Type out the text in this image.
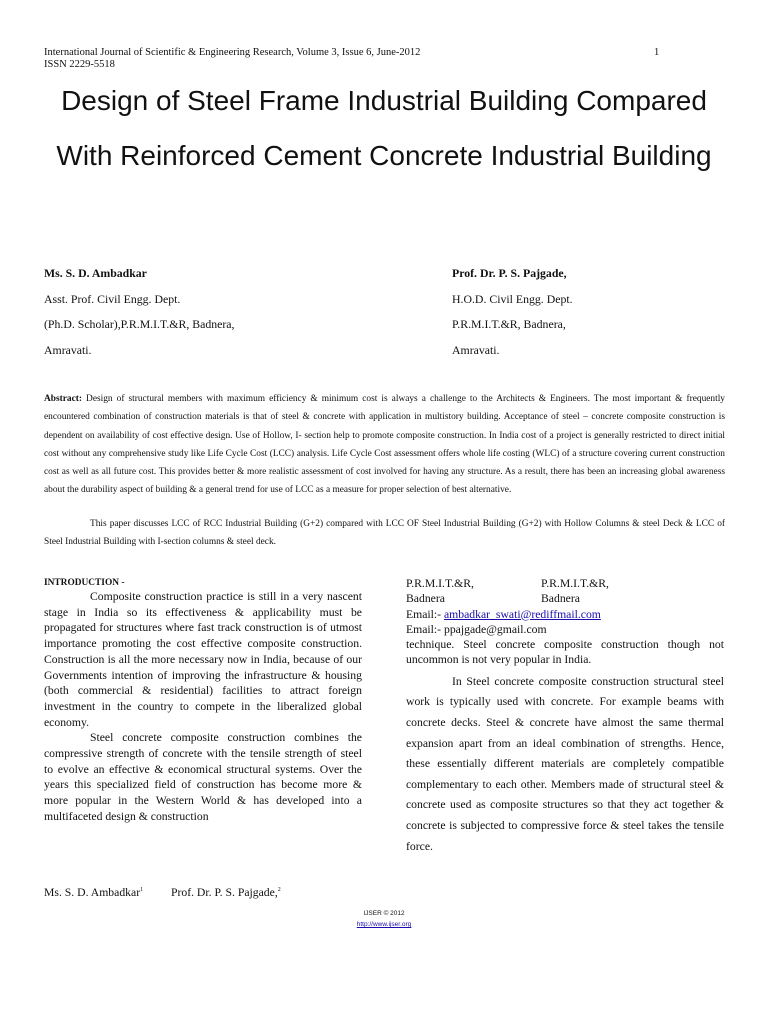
International Journal of Scientific & Engineering Research, Volume 3, Issue 6, June-2012
ISSN 2229-5518
1
Design of Steel Frame Industrial Building Compared With Reinforced Cement Concrete Industrial Building
Ms. S. D. Ambadkar
Asst. Prof. Civil Engg. Dept.
(Ph.D. Scholar),P.R.M.I.T.&R, Badnera,
Amravati.
Prof. Dr. P. S. Pajgade,
H.O.D. Civil Engg. Dept.
P.R.M.I.T.&R, Badnera,
Amravati.

Abstract: Design of structural members with maximum efficiency & minimum cost is always a challenge to the Architects & Engineers. The most important & frequently encountered combination of construction materials is that of steel & concrete with application in multistory building. Acceptance of steel – concrete composite construction is dependent on availability of cost effective design. Use of Hollow, I- section help to promote composite construction. In India cost of a project is generally restricted to direct initial cost without any comprehensive study like Life Cycle Cost (LCC) analysis. Life Cycle Cost assessment offers whole life costing (WLC) of a structure covering current construction cost as well as all future cost. This provides better & more realistic assessment of cost involved for having any structure. As a result, there has been an increasing global awareness about the durability aspect of building & a general trend for use of LCC as a measure for proper selection of best alternative.

This paper discusses LCC of RCC Industrial Building (G+2) compared with LCC OF Steel Industrial Building (G+2) with Hollow Columns & steel Deck & LCC of Steel Industrial Building with I-section columns & steel deck.

INTRODUCTION -

Composite construction practice is still in a very nascent stage in India so its effectiveness & applicability must be propagated for structures where fast track construction is of utmost importance promoting the cost effective composite construction. Construction is all the more necessary now in India, because of our Governments intention of improving the infrastructure & housing (both commercial & residential) facilities to attract foreign investment in the country to compete in the liberalized global economy.

Steel concrete composite construction combines the compressive strength of concrete with the tensile strength of steel to evolve an effective & economical structural systems. Over the years this specialized field of construction has become more & more popular in the Western World & has developed into a multifaceted design & construction

Ms. S. D. Ambadkar$^1$ Prof. Dr. P. S. Pajgade,$^2$
P.R.M.I.T.&R,	P.R.M.I.T.&R,
Badnera	Badnera
Email:- ambadkar_swati@rediffmail.com
Email:- ppajgade@gmail.com

technique. Steel concrete composite construction though not uncommon is not very popular in India.

In Steel concrete composite construction structural steel work is typically used with concrete. For example beams with concrete decks. Steel & concrete have almost the same thermal expansion apart from an ideal combination of strengths. Hence, these essentially different materials are completely compatible complementary to each other. Members made of structural steel & concrete used as composite structures so that they act together & concrete is subjected to compressive force & steel takes the tensile force.

IJSER © 2012
http://www.ijser.org
